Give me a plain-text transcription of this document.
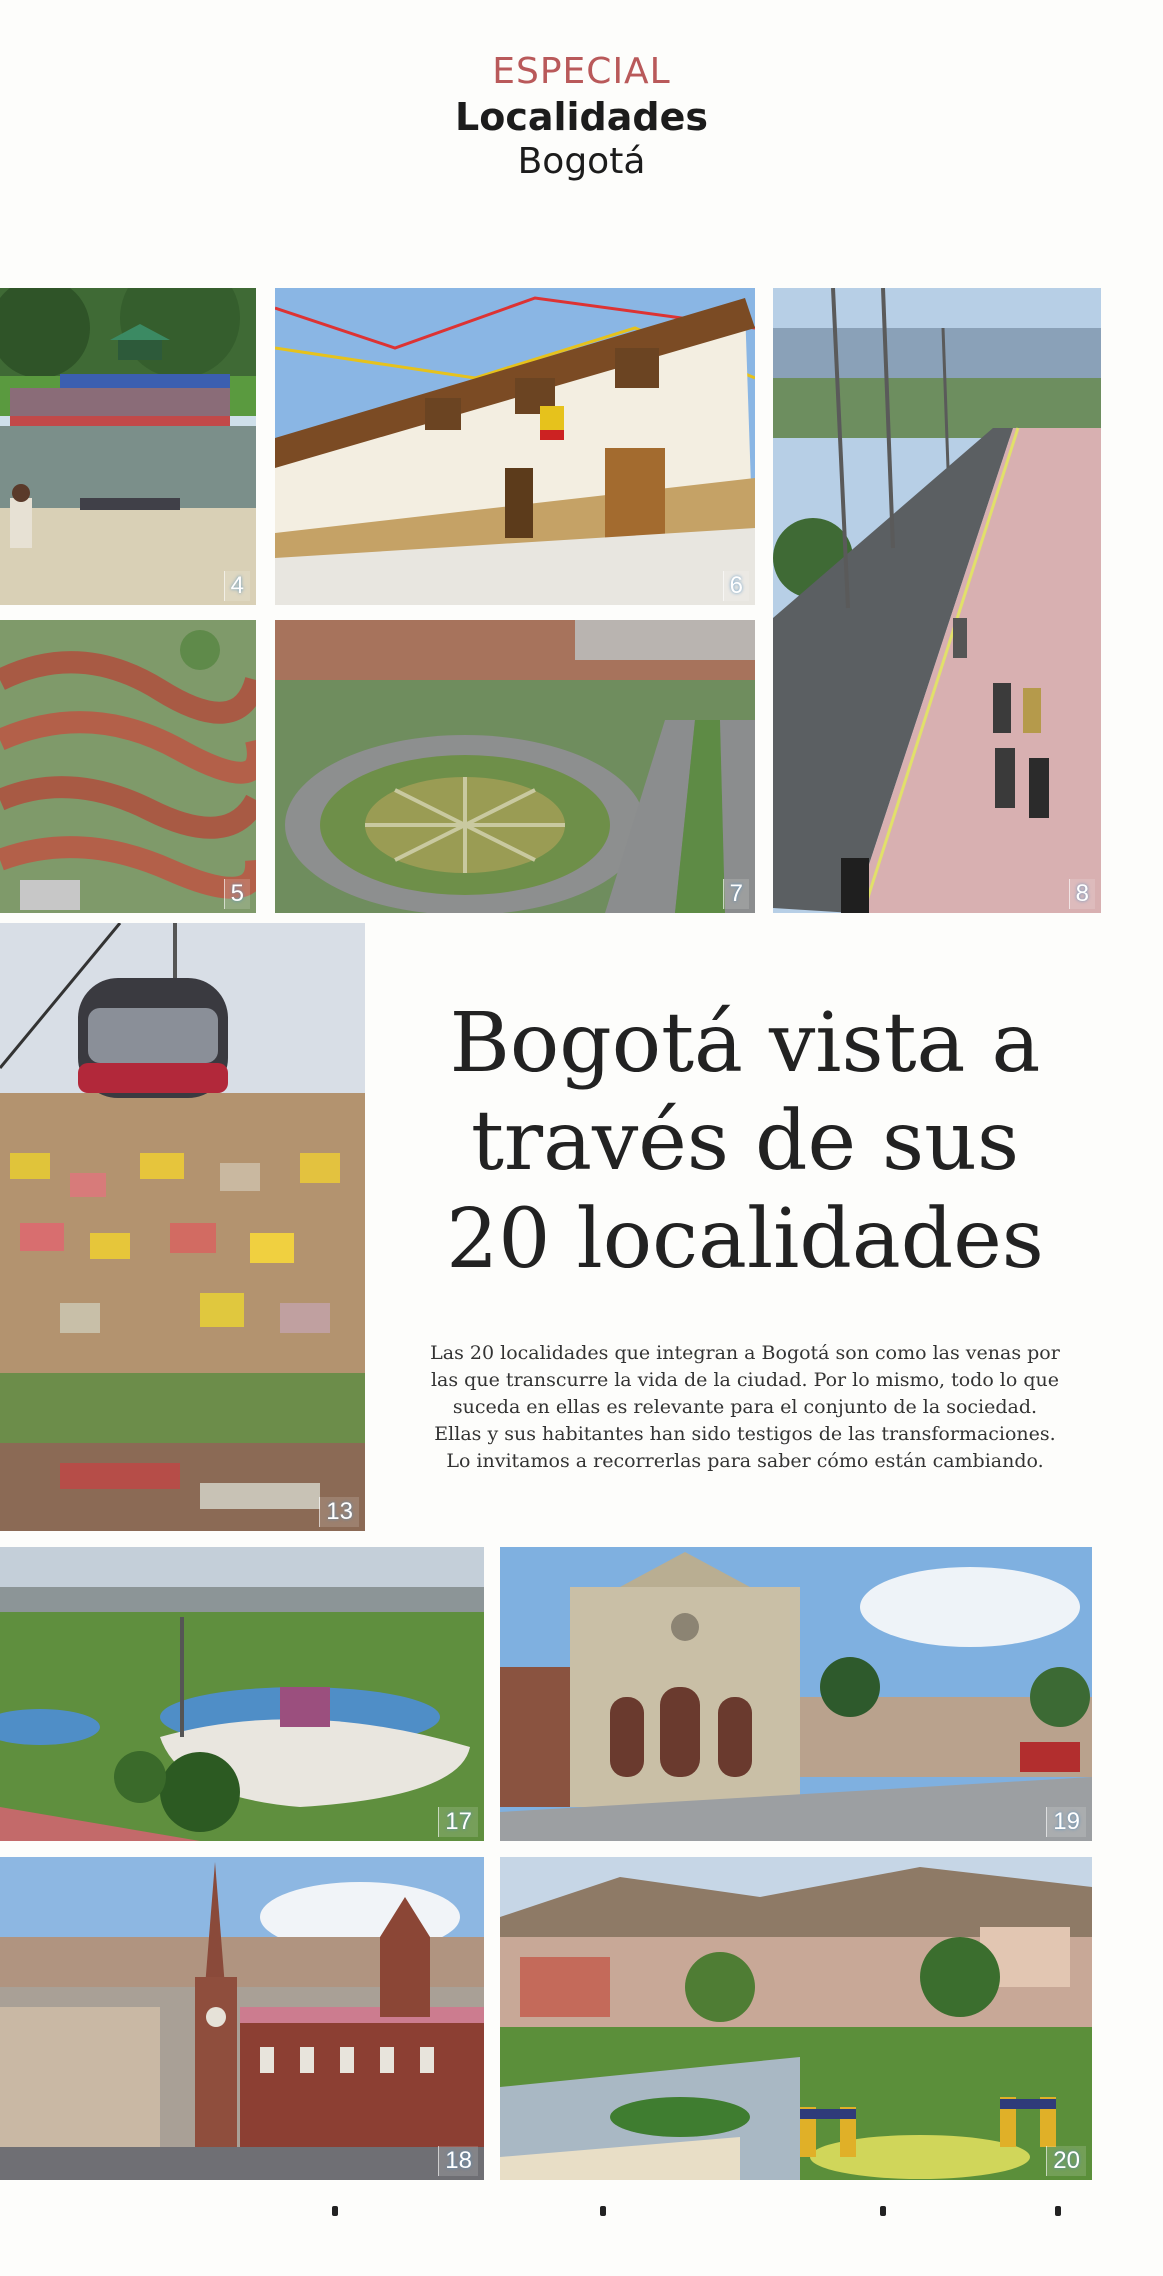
ESPECIAL
Localidades
Bogotá
4	6
8
5	7
13
17	19
18	20
Bogotá vista a
través de sus
20 localidades
Las 20 localidades que integran a Bogotá son como las venas por
las que transcurre la vida de la ciudad. Por lo mismo, todo lo que
suceda en ellas es relevante para el conjunto de la sociedad.
Ellas y sus habitantes han sido testigos de las transformaciones.
Lo invitamos a recorrerlas para saber cómo están cambiando.
